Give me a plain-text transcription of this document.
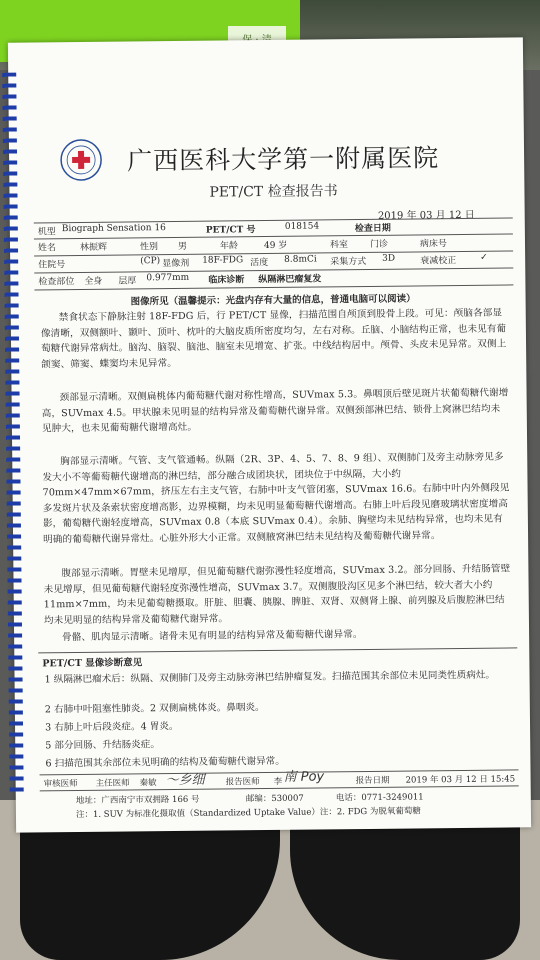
广西医科大学第一附属医院
PET/CT 检查报告书
2019 年 03 月 12 日
机型 Biograph Sensation 16	PET/CT 号	018154	检查日期
姓名	林振辉	性别 男	年龄	49 岁	科室 门诊	病床号
住院号	(CP) 显像剂 18F-FDG 活度 8.8mCi 采集方式 3D	衰减校正	✓
检查部位 全身 层厚 0.977mm 临床诊断 纵隔淋巴瘤复发
图像所见（温馨提示：光盘内存有大量的信息，普通电脑可以阅读）
禁食状态下静脉注射 18F-FDG 后，行 PET/CT 显像，扫描范围自颅顶到股骨上段。可见：颅脑各部显像清晰，双侧额叶、颞叶、顶叶、枕叶的大脑皮质所密度均匀，左右对称。丘脑、小脑结构正常，也未见有葡萄糖代谢异常病灶。脑沟、脑裂、脑池、脑室未见增宽、扩张。中线结构居中。颅骨、头皮未见异常。双侧上颌窦、筛窦、蝶窦均未见异常。
颈部显示清晰。双侧扁桃体内葡萄糖代谢对称性增高，SUVmax 5.3。鼻咽顶后壁见斑片状葡萄糖代谢增高，SUVmax 4.5。甲状腺未见明显的结构异常及葡萄糖代谢异常。双侧颈部淋巴结、锁骨上窝淋巴结均未见肿大，也未见葡萄糖代谢增高灶。
胸部显示清晰。气管、支气管通畅。纵隔（2R、3P、4、5、7、8、9 组）、双侧肺门及旁主动脉旁见多发大小不等葡萄糖代谢增高的淋巴结，部分融合成团块状，团块位于中纵隔，大小约 70mm×47mm×67mm，挤压左右主支气管，右肺中叶支气管闭塞，SUVmax 16.6。右肺中叶内外侧段见多发斑片状及条索状密度增高影，边界模糊，均未见明显葡萄糖代谢增高。右肺上叶后段见磨玻璃状密度增高影，葡萄糖代谢轻度增高，SUVmax 0.8（本底 SUVmax 0.4）。余肺、胸壁均未见结构异常，也均未见有明确的葡萄糖代谢异常灶。心脏外形大小正常。双侧腋窝淋巴结未见结构及葡萄糖代谢异常。
腹部显示清晰。胃壁未见增厚，但见葡萄糖代谢弥漫性轻度增高，SUVmax 3.2。部分回肠、升结肠管壁未见增厚，但见葡萄糖代谢轻度弥漫性增高，SUVmax 3.7。双侧腹股沟区见多个淋巴结，较大者大小约 11mm×7mm，均未见葡萄糖摄取。肝脏、胆囊、胰腺、脾脏、双肾、双侧肾上腺、前列腺及后腹腔淋巴结均未见明显的结构异常及葡萄糖代谢异常。
骨骼、肌肉显示清晰。诸骨未见有明显的结构异常及葡萄糖代谢异常。
PET/CT 显像诊断意见
1 纵隔淋巴瘤术后：纵隔、双侧肺门及旁主动脉旁淋巴结肿瘤复发。扫描范围其余部位未见同类性质病灶。
2 右肺中叶阻塞性肺炎。2 双侧扁桃体炎。鼻咽炎。
3 右肺上叶后段炎症。4 胃炎。
5 部分回肠、升结肠炎症。
6 扫描范围其余部位未见明确的结构及葡萄糖代谢异常。
审核医师 主任医师 秦敏 ～乡细 报告医师 李 南 Poy	报告日期 2019 年 03 月 12 日 15:45
地址：广西南宁市双拥路 166 号	邮编：530007	电话：0771-3249011
注：1. SUV 为标准化摄取值（Standardized Uptake Value）注：2. FDG 为脱氧葡萄糖
